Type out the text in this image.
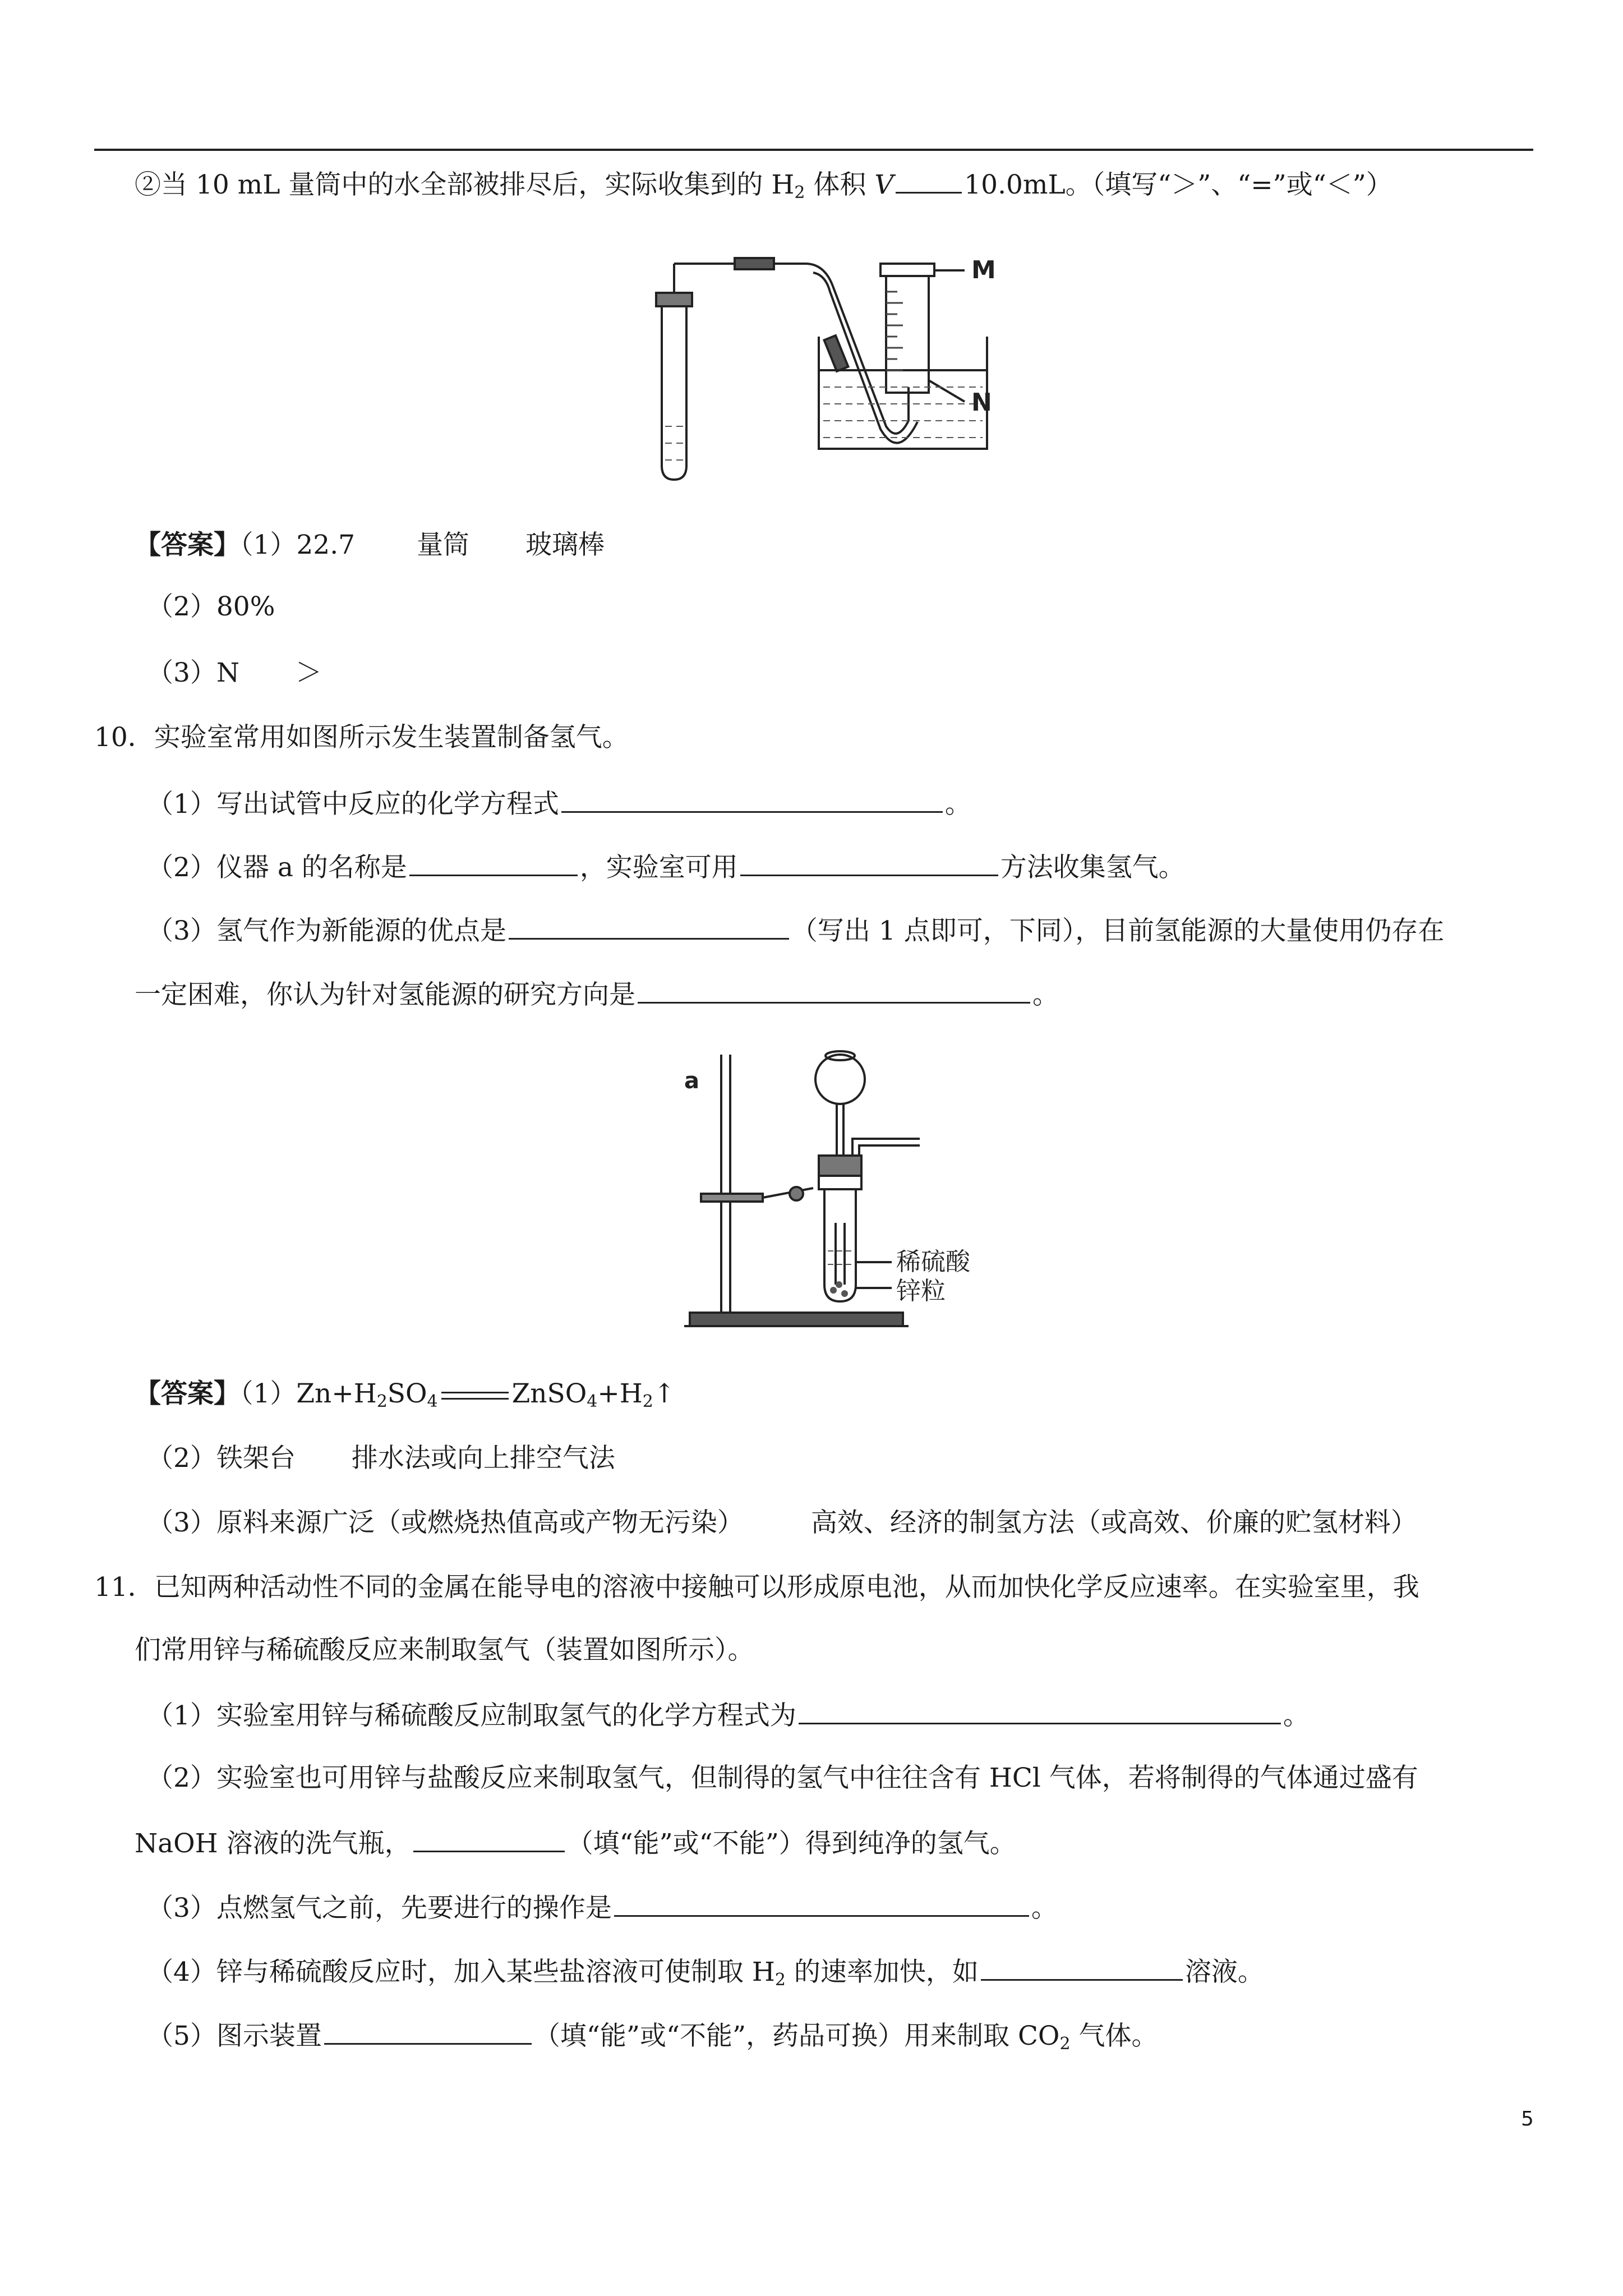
②当 10 mL 量筒中的水全部被排尽后，实际收集到的 $H_2$ 体积 V	10.0mL。（填写“＞”、“=”或“＜”）
M
N
【答案】（1）22.7 量筒 玻璃棒
（2）80%
（3）N ＞
10．实验室常用如图所示发生装置制备氢气。
（1）写出试管中反应的化学方程式	。
（2）仪器 a 的名称是	，实验室可用	方法收集氢气。
（3）氢气作为新能源的优点是	（写出 1 点即可，下同），目前氢能源的大量使用仍存在
一定困难，你认为针对氢能源的研究方向是	。
a
稀硫酸
锌粒
【答案】$(1)Zn+H_2SO_4$	$ZnSO_4+H_2↑$
（2）铁架台 排水法或向上排空气法
（3）原料来源广泛（或燃烧热值高或产物无污染）	高效、经济的制氢方法（或高效、价廉的贮氢材料）
11．已知两种活动性不同的金属在能导电的溶液中接触可以形成原电池，从而加快化学反应速率。在实验室里，我
们常用锌与稀硫酸反应来制取氢气（装置如图所示）。
（1）实验室用锌与稀硫酸反应制取氢气的化学方程式为	。
（2）实验室也可用锌与盐酸反应来制取氢气，但制得的氢气中往往含有 HCl 气体，若将制得的气体通过盛有
NaOH 溶液的洗气瓶，	（填“能”或“不能”）得到纯净的氢气。
（3）点燃氢气之前，先要进行的操作是	。
（4）锌与稀硫酸反应时，加入某些盐溶液可使制取 $H_2$ 的速率加快，如	溶液。
（5）图示装置	（填“能”或“不能”，药品可换）用来制取 $CO_2$ 气体。
5
